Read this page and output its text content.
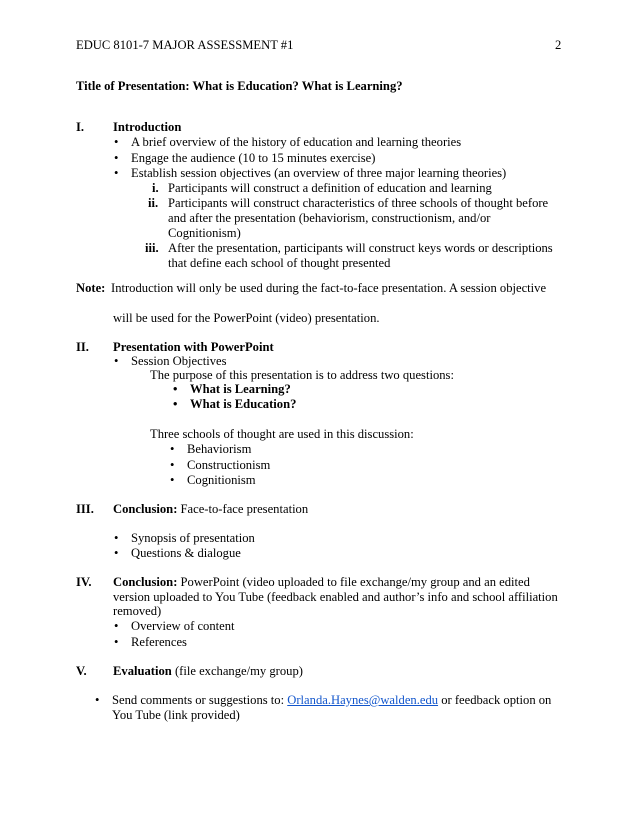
EDUC 8101-7 MAJOR ASSESSMENT #1	2
Title of Presentation: What is Education? What is Learning?
I. Introduction
• A brief overview of the history of education and learning theories
• Engage the audience (10 to 15 minutes exercise)
• Establish session objectives (an overview of three major learning theories)
i. Participants will construct a definition of education and learning
ii. Participants will construct characteristics of three schools of thought before
and after the presentation (behaviorism, constructionism, and/or
Cognitionism)
iii. After the presentation, participants will construct keys words or descriptions
that define each school of thought presented
Note: Introduction will only be used during the fact-to-face presentation. A session objective
will be used for the PowerPoint (video) presentation.
II. Presentation with PowerPoint
• Session Objectives
The purpose of this presentation is to address two questions:
• What is Learning?
• What is Education?
Three schools of thought are used in this discussion:
• Behaviorism
• Constructionism
• Cognitionism
III. Conclusion: Face-to-face presentation
• Synopsis of presentation
• Questions & dialogue
IV. Conclusion: PowerPoint (video uploaded to file exchange/my group and an edited
version uploaded to You Tube (feedback enabled and author’s info and school affiliation
removed)
• Overview of content
• References
V. Evaluation (file exchange/my group)
• Send comments or suggestions to: Orlanda.Haynes@walden.edu or feedback option on
You Tube (link provided)
